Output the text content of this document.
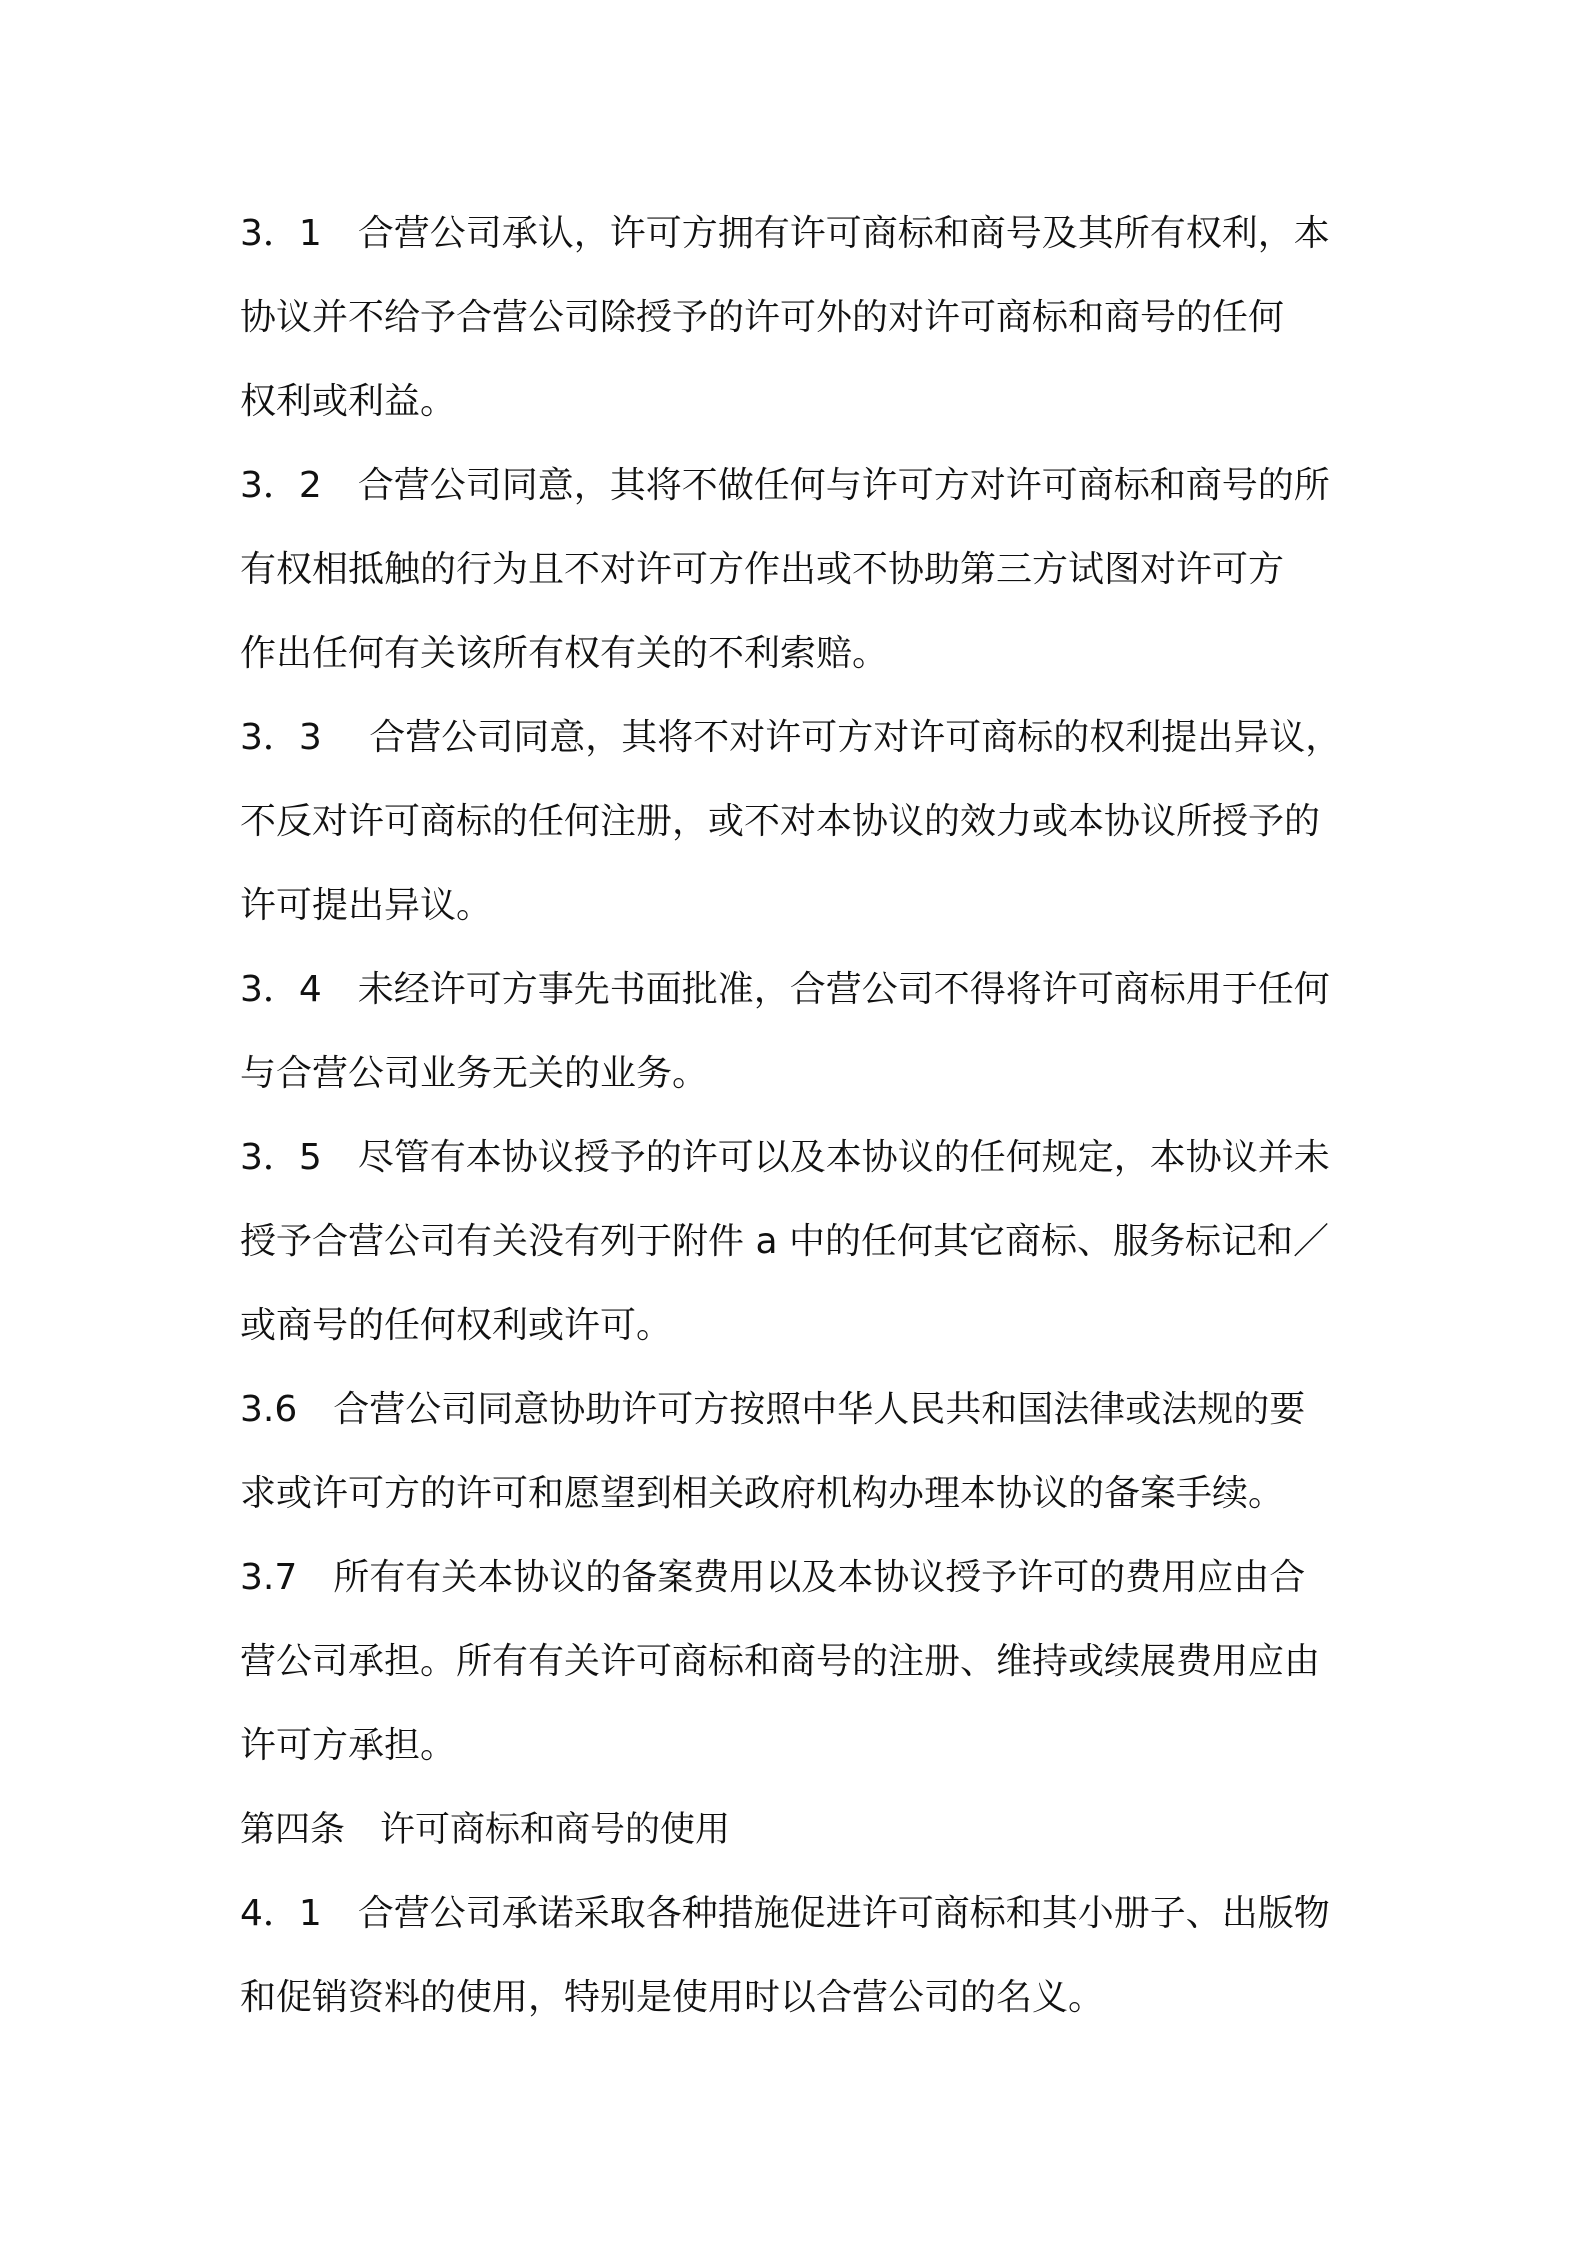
3．1　合营公司承认，许可方拥有许可商标和商号及其所有权利，本
协议并不给予合营公司除授予的许可外的对许可商标和商号的任何
权利或利益。
3．2　合营公司同意，其将不做任何与许可方对许可商标和商号的所
有权相抵触的行为且不对许可方作出或不协助第三方试图对许可方
作出任何有关该所有权有关的不利索赔。
3．3　 合营公司同意，其将不对许可方对许可商标的权利提出异议，
不反对许可商标的任何注册，或不对本协议的效力或本协议所授予的
许可提出异议。
3．4　未经许可方事先书面批准，合营公司不得将许可商标用于任何
与合营公司业务无关的业务。
3．5　尽管有本协议授予的许可以及本协议的任何规定，本协议并未
授予合营公司有关没有列于附件 a 中的任何其它商标、服务标记和／
或商号的任何权利或许可。
3.6　合营公司同意协助许可方按照中华人民共和国法律或法规的要
求或许可方的许可和愿望到相关政府机构办理本协议的备案手续。
3.7　所有有关本协议的备案费用以及本协议授予许可的费用应由合
营公司承担。所有有关许可商标和商号的注册、维持或续展费用应由
许可方承担。
第四条　许可商标和商号的使用
4．1　合营公司承诺采取各种措施促进许可商标和其小册子、出版物
和促销资料的使用，特别是使用时以合营公司的名义。
